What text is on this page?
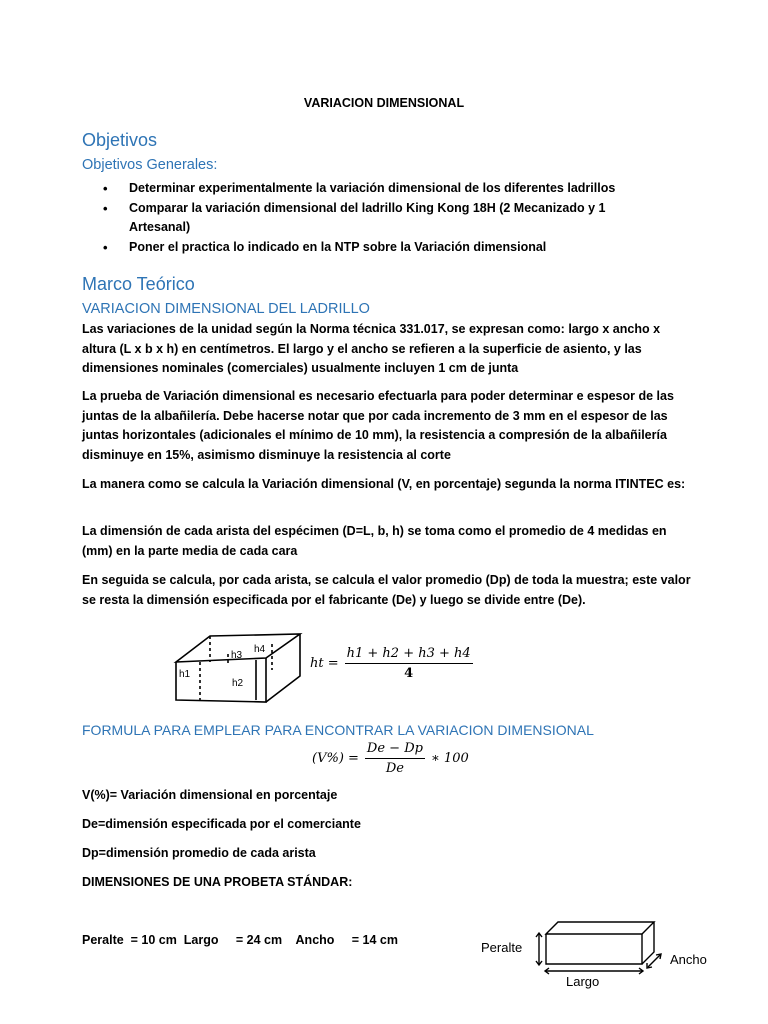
VARIACION DIMENSIONAL
Objetivos
Objetivos Generales:
• Determinar experimentalmente la variación dimensional de los diferentes ladrillos
• Comparar la variación dimensional del ladrillo King Kong 18H (2 Mecanizado y 1 Artesanal)
• Poner el practica lo indicado en la NTP sobre la Variación dimensional
Marco Teórico
VARIACION DIMENSIONAL DEL LADRILLO

Las variaciones de la unidad según la Norma técnica 331.017, se expresan como: largo x ancho x altura (L x b x h) en centímetros. El largo y el ancho se refieren a la superficie de asiento, y las dimensiones nominales (comerciales) usualmente incluyen 1 cm de junta

La prueba de Variación dimensional es necesario efectuarla para poder determinar e espesor de las juntas de la albañilería. Debe hacerse notar que por cada incremento de 3 mm en el espesor de las juntas horizontales (adicionales el mínimo de 10 mm), la resistencia a compresión de la albañilería disminuye en 15%, asimismo disminuye la resistencia al corte

La manera como se calcula la Variación dimensional (V, en porcentaje) segunda la norma ITINTEC es:

La dimensión de cada arista del espécimen (D=L, b, h) se toma como el promedio de 4 medidas en (mm) en la parte media de cada cara

En seguida se calcula, por cada arista, se calcula el valor promedio (Dp) de toda la muestra; este valor se resta la dimensión especificada por el fabricante (De) y luego se divide entre (De).

h1
h2
h3
h4
ht = $\frac{h1 + h2 + h3 + h4}{4}$
FORMULA PARA EMPLEAR PARA ENCONTRAR LA VARIACION DIMENSIONAL
$(V\%) = \frac{De - Dp}{De}$ ∗ 100
V(%)= Variación dimensional en porcentaje
De=dimensión especificada por el comerciante
Dp=dimensión promedio de cada arista
DIMENSIONES DE UNA PROBETA STÁNDAR:
Peralte  = 10 cm  Largo     = 24 cm    Ancho     = 14 cm	Peralte
Ancho
Largo
